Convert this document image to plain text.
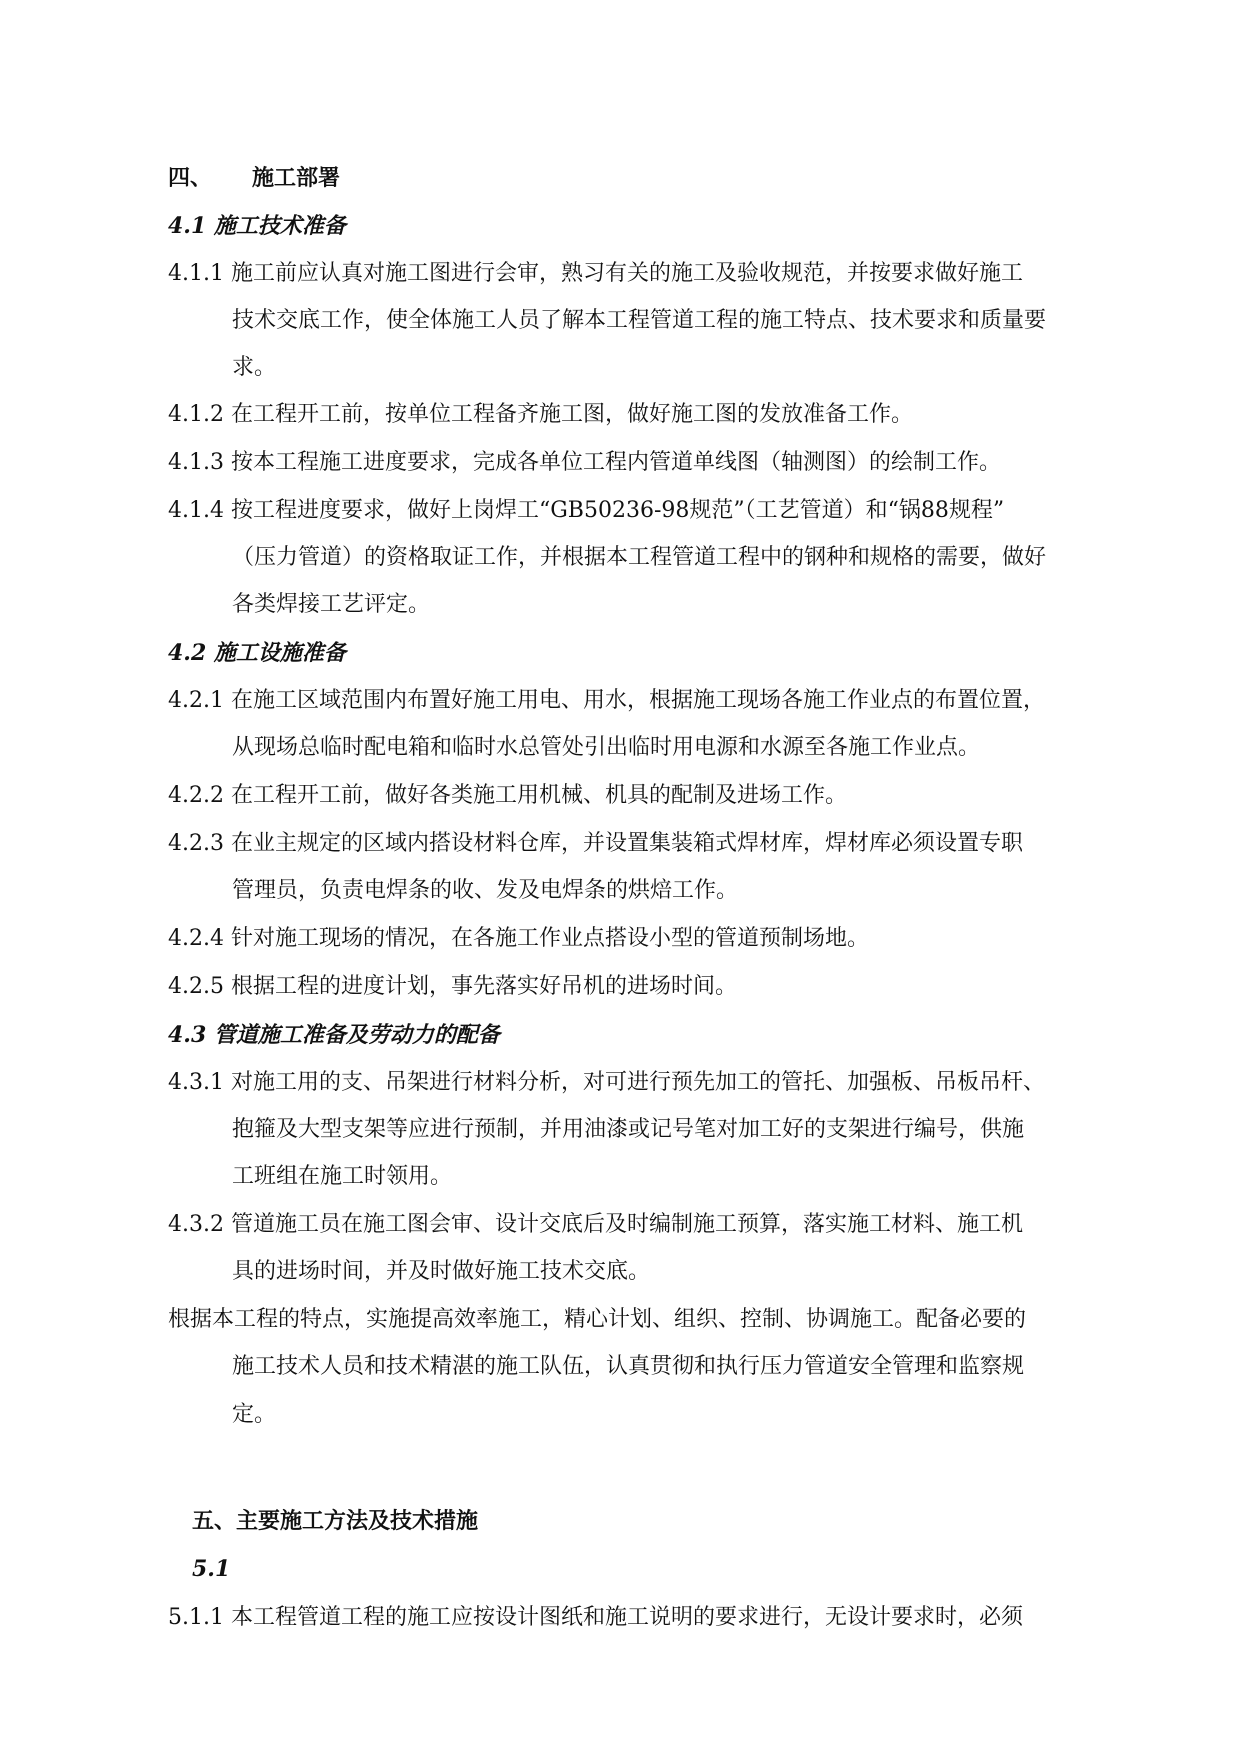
四、 施工部署
4.1 施工技术准备
4.1.1 施工前应认真对施工图进行会审，熟习有关的施工及验收规范，并按要求做好施工
技术交底工作，使全体施工人员了解本工程管道工程的施工特点、技术要求和质量要
求。
4.1.2 在工程开工前，按单位工程备齐施工图，做好施工图的发放准备工作。
4.1.3 按本工程施工进度要求，完成各单位工程内管道单线图（轴测图）的绘制工作。
4.1.4 按工程进度要求，做好上岗焊工“GB50236-98规范”（工艺管道）和“锅88规程”
（压力管道）的资格取证工作，并根据本工程管道工程中的钢种和规格的需要，做好
各类焊接工艺评定。
4.2 施工设施准备
4.2.1 在施工区域范围内布置好施工用电、用水，根据施工现场各施工作业点的布置位置，
从现场总临时配电箱和临时水总管处引出临时用电源和水源至各施工作业点。
4.2.2 在工程开工前，做好各类施工用机械、机具的配制及进场工作。
4.2.3 在业主规定的区域内搭设材料仓库，并设置集装箱式焊材库，焊材库必须设置专职
管理员，负责电焊条的收、发及电焊条的烘焙工作。
4.2.4 针对施工现场的情况，在各施工作业点搭设小型的管道预制场地。
4.2.5 根据工程的进度计划，事先落实好吊机的进场时间。
4.3 管道施工准备及劳动力的配备
4.3.1 对施工用的支、吊架进行材料分析，对可进行预先加工的管托、加强板、吊板吊杆、
抱箍及大型支架等应进行预制，并用油漆或记号笔对加工好的支架进行编号，供施
工班组在施工时领用。
4.3.2 管道施工员在施工图会审、设计交底后及时编制施工预算，落实施工材料、施工机
具的进场时间，并及时做好施工技术交底。
根据本工程的特点，实施提高效率施工，精心计划、组织、控制、协调施工。配备必要的
施工技术人员和技术精湛的施工队伍，认真贯彻和执行压力管道安全管理和监察规
定。
五、主要施工方法及技术措施
5.1
5.1.1 本工程管道工程的施工应按设计图纸和施工说明的要求进行，无设计要求时，必须
